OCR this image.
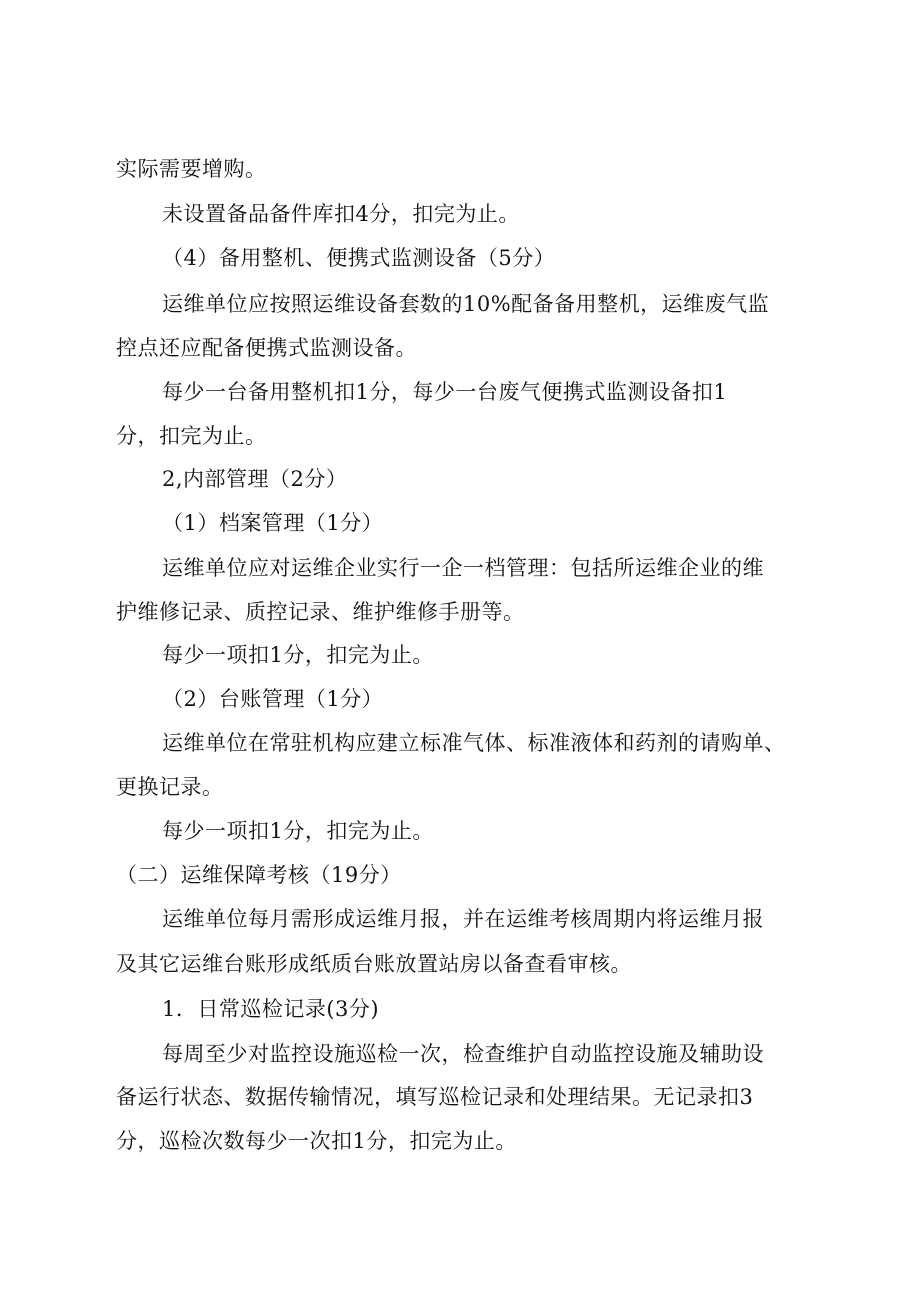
实际需要增购。
未设置备品备件库扣4分，扣完为止。
（4）备用整机、便携式监测设备（5分）
运维单位应按照运维设备套数的10%配备备用整机，运维废气监
控点还应配备便携式监测设备。
每少一台备用整机扣1分，每少一台废气便携式监测设备扣1
分，扣完为止。
2,内部管理（2分）
（1）档案管理（1分）
运维单位应对运维企业实行一企一档管理：包括所运维企业的维
护维修记录、质控记录、维护维修手册等。
每少一项扣1分，扣完为止。
（2）台账管理（1分）
运维单位在常驻机构应建立标准气体、标准液体和药剂的请购单、
更换记录。
每少一项扣1分，扣完为止。
（二）运维保障考核（19分）
运维单位每月需形成运维月报，并在运维考核周期内将运维月报
及其它运维台账形成纸质台账放置站房以备查看审核。
1．日常巡检记录(3分)
每周至少对监控设施巡检一次，检查维护自动监控设施及辅助设
备运行状态、数据传输情况，填写巡检记录和处理结果。无记录扣3
分，巡检次数每少一次扣1分，扣完为止。
